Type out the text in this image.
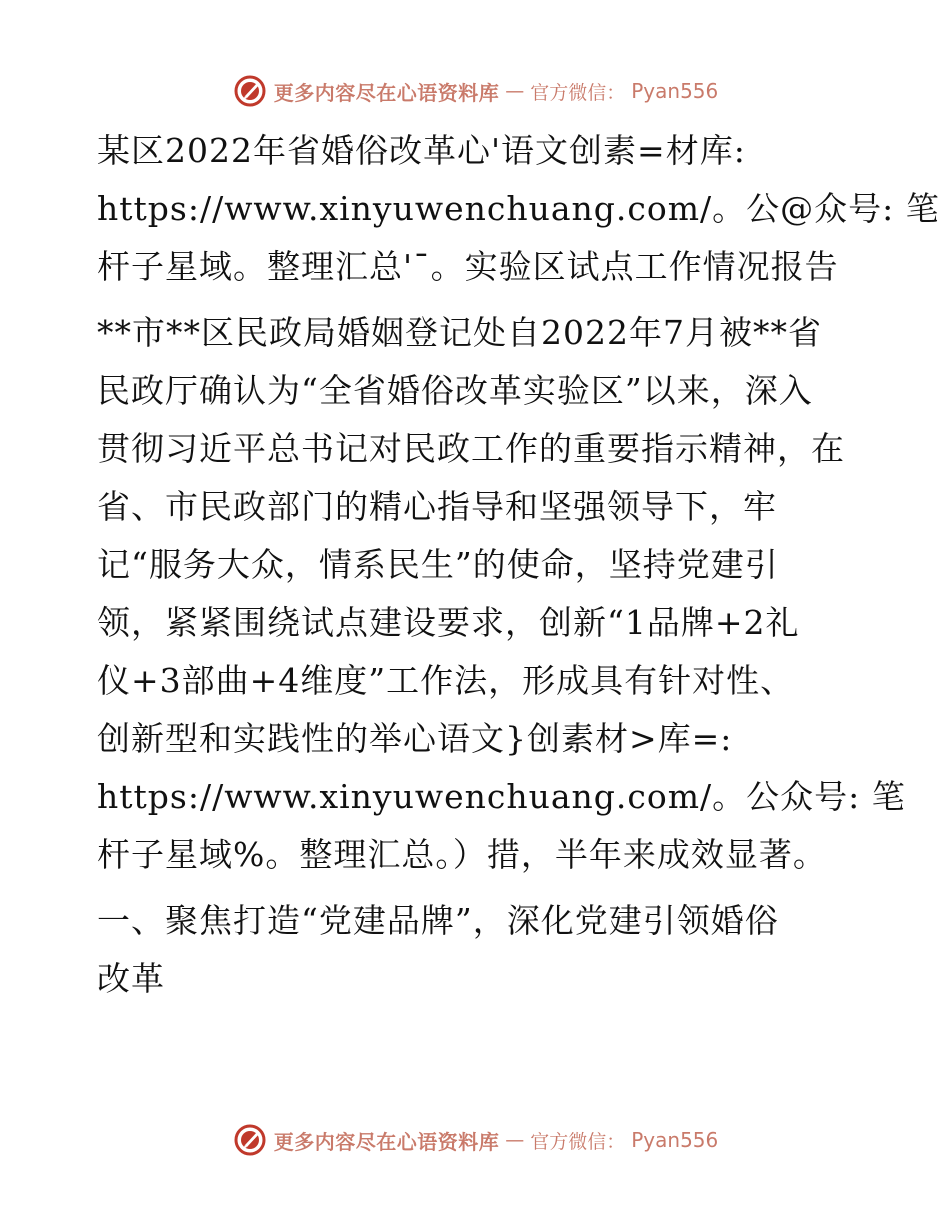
更多内容尽在心语资料库 — 官方微信： Pyan556

某区2022年省婚俗改革心'语文创素=材库:
https://www.xinyuwenchuang.com/。公@众号: 笔
杆子星域。整理汇总'¯。实验区试点工作情况报告

**市**区民政局婚姻登记处自2022年7月被**省
民政厅确认为“全省婚俗改革实验区”以来，深入
贯彻习近平总书记对民政工作的重要指示精神，在
省、市民政部门的精心指导和坚强领导下，牢
记“服务大众，情系民生”的使命，坚持党建引
领，紧紧围绕试点建设要求，创新“1品牌+2礼
仪+3部曲+4维度”工作法，形成具有针对性、
创新型和实践性的举心语文}创素材>库=:
https://www.xinyuwenchuang.com/。公众号: 笔
杆子星域%。整理汇总。）措，半年来成效显著。

一、聚焦打造“党建品牌”，深化党建引领婚俗
改革

更多内容尽在心语资料库 — 官方微信： Pyan556
